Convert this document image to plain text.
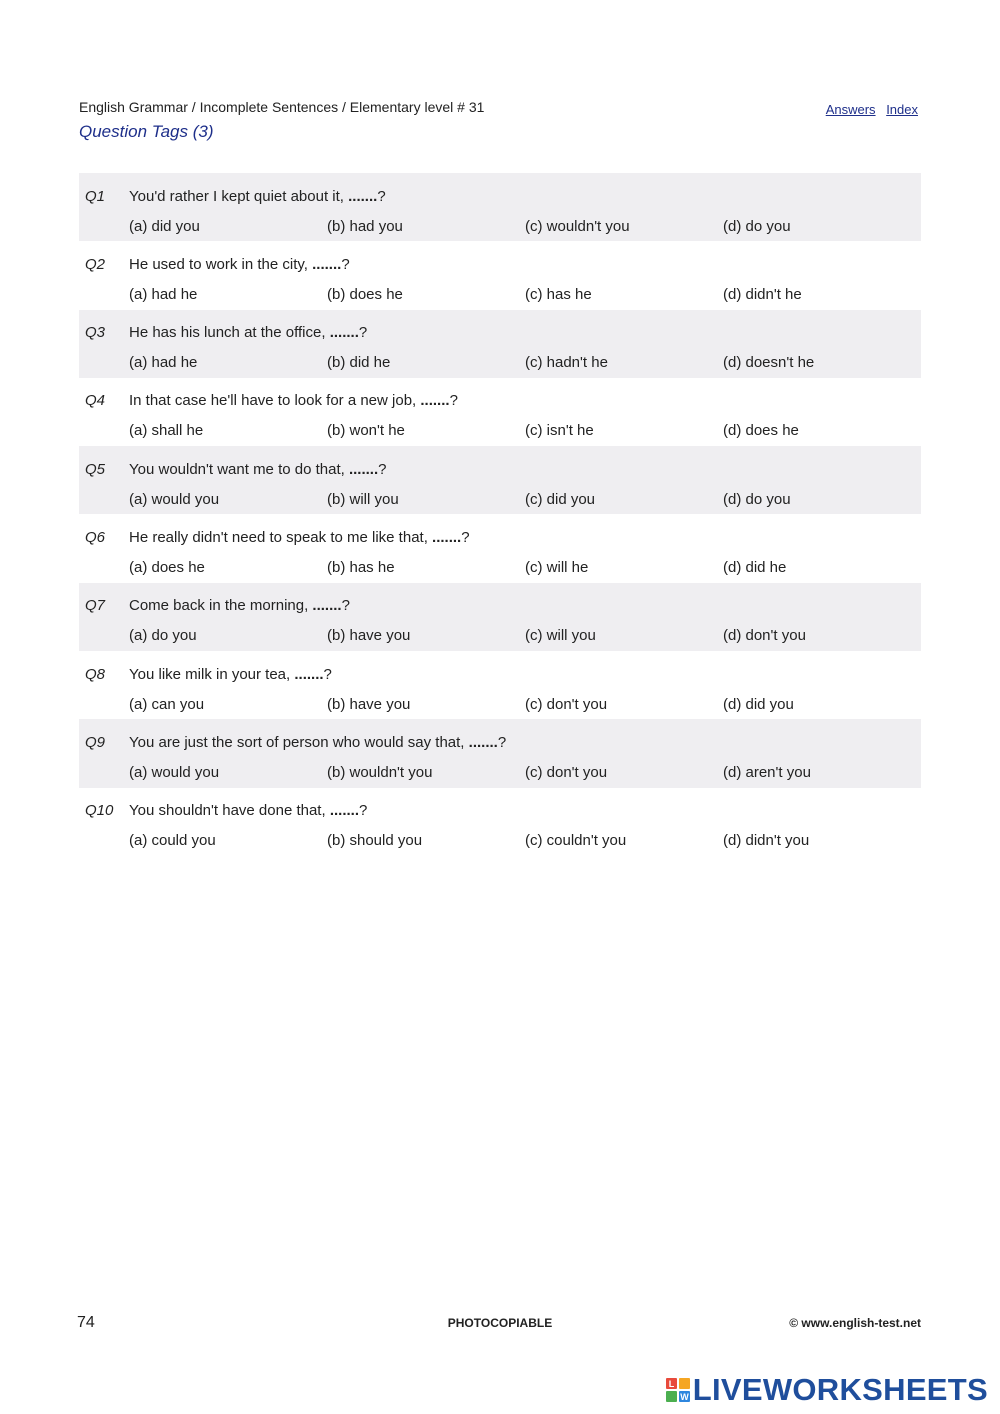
English Grammar / Incomplete Sentences / Elementary level # 31
Question Tags (3)
Answers Index
Q1	You'd rather I kept quiet about it, .......?
(a) did you	(b) had you	(c) wouldn't you	(d) do you
Q2	He used to work in the city, .......?
(a) had he	(b) does he	(c) has he	(d) didn't he
Q3	He has his lunch at the office, .......?
(a) had he	(b) did he	(c) hadn't he	(d) doesn't he
Q4	In that case he'll have to look for a new job, .......?
(a) shall he	(b) won't he	(c) isn't he	(d) does he
Q5	You wouldn't want me to do that, .......?
(a) would you	(b) will you	(c) did you	(d) do you
Q6	He really didn't need to speak to me like that, .......?
(a) does he	(b) has he	(c) will he	(d) did he
Q7	Come back in the morning, .......?
(a) do you	(b) have you	(c) will you	(d) don't you
Q8	You like milk in your tea, .......?
(a) can you	(b) have you	(c) don't you	(d) did you
Q9	You are just the sort of person who would say that, .......?
(a) would you	(b) wouldn't you	(c) don't you	(d) aren't you
Q10	You shouldn't have done that, .......?
(a) could you	(b) should you	(c) couldn't you	(d) didn't you
74	PHOTOCOPIABLE	© www.english-test.net
L
W LIVEWORKSHEETS
